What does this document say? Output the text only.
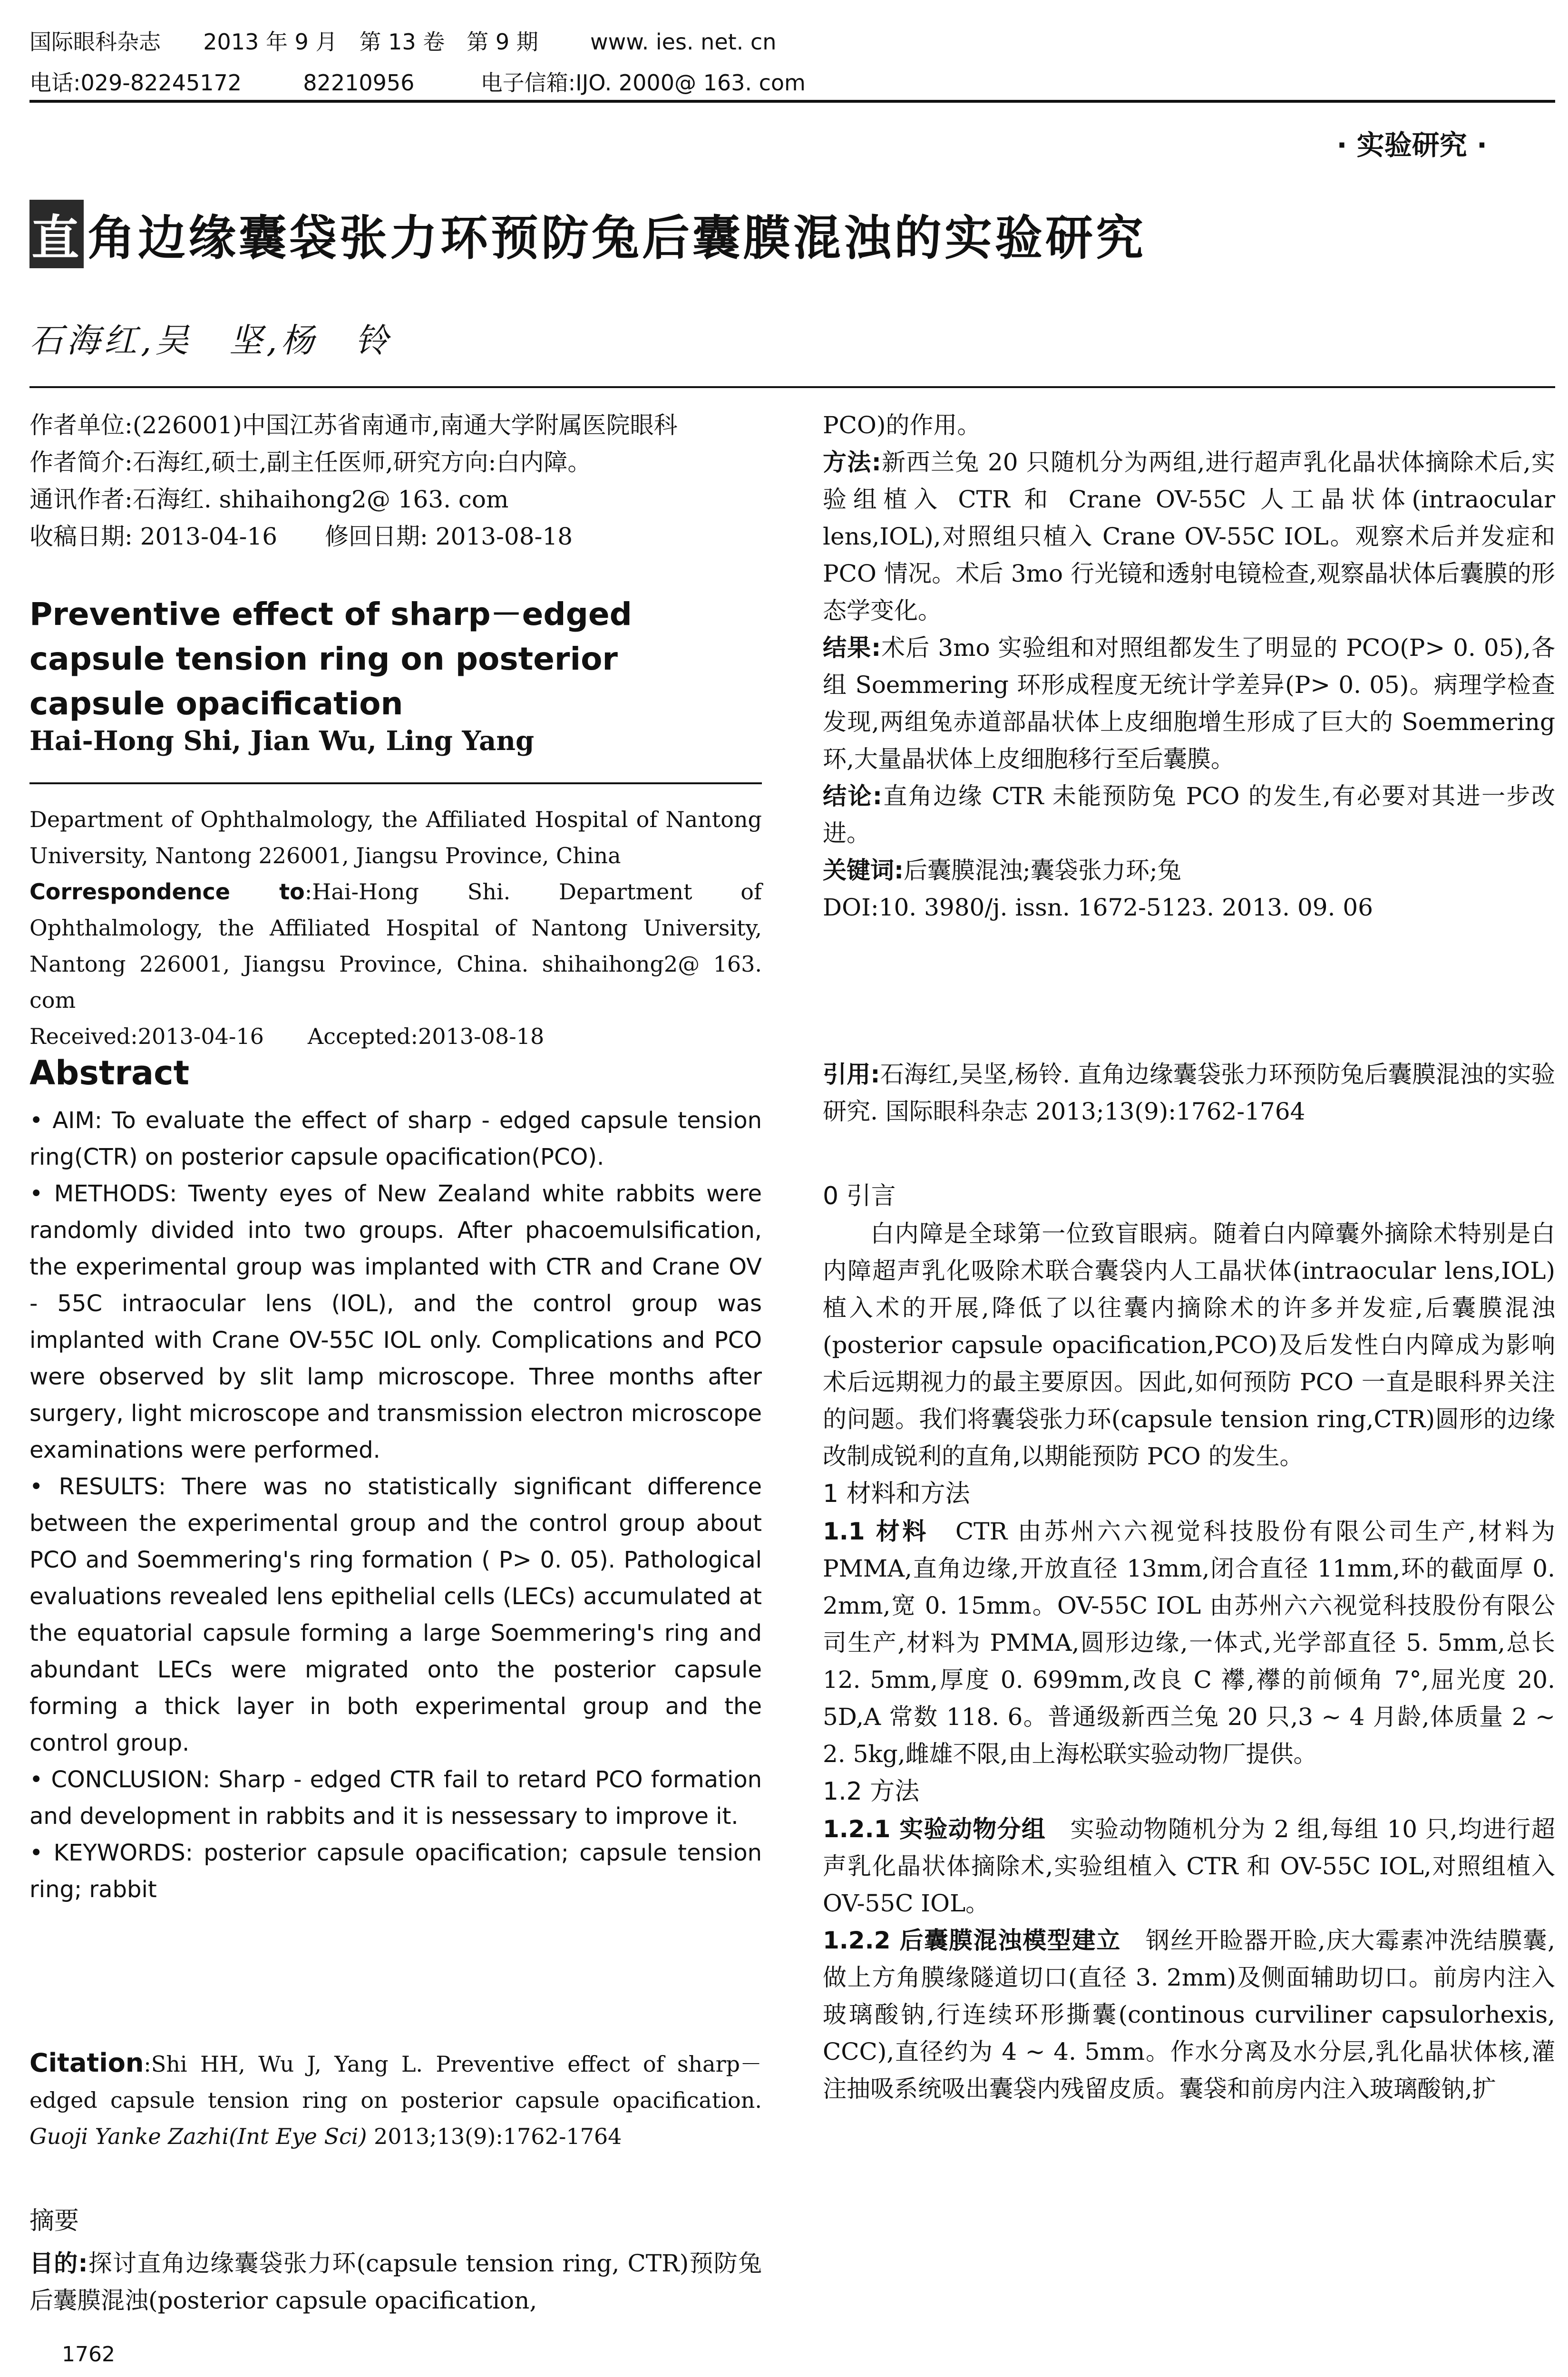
国际眼科杂志 2013 年 9 月　第 13 卷　第 9 期 www. ies. net. cn
电话:029-82245172	82210956	电子信箱:IJO. 2000@ 163. com
· 实验研究 ·
直 角边缘囊袋张力环预防兔后囊膜混浊的实验研究
石海红,吴　坚,杨　铃

作者单位:(226001)中国江苏省南通市,南通大学附属医院眼科

作者简介:石海红,硕士,副主任医师,研究方向:白内障。

通讯作者:石海红. shihaihong2@ 163. com

收稿日期: 2013-04-16　　修回日期: 2013-08-18

Preventive effect of sharp－edged capsule tension ring on posterior capsule opacification
Hai-Hong Shi, Jian Wu, Ling Yang

Department of Ophthalmology, the Affiliated Hospital of Nantong University, Nantong 226001, Jiangsu Province, China

Correspondence to:Hai-Hong Shi. Department of Ophthalmology, the Affiliated Hospital of Nantong University, Nantong 226001, Jiangsu Province, China. shihaihong2@ 163. com

Received:2013-04-16　　Accepted:2013-08-18

Abstract

• AIM: To evaluate the effect of sharp - edged capsule tension ring(CTR) on posterior capsule opacification(PCO).

• METHODS: Twenty eyes of New Zealand white rabbits were randomly divided into two groups. After phacoemulsification, the experimental group was implanted with CTR and Crane OV - 55C intraocular lens (IOL), and the control group was implanted with Crane OV-55C IOL only. Complications and PCO were observed by slit lamp microscope. Three months after surgery, light microscope and transmission electron microscope examinations were performed.

• RESULTS: There was no statistically significant difference between the experimental group and the control group about PCO and Soemmering's ring formation ( P> 0. 05). Pathological evaluations revealed lens epithelial cells (LECs) accumulated at the equatorial capsule forming a large Soemmering's ring and abundant LECs were migrated onto the posterior capsule forming a thick layer in both experimental group and the control group.

• CONCLUSION: Sharp - edged CTR fail to retard PCO formation and development in rabbits and it is nessessary to improve it.

• KEYWORDS: posterior capsule opacification; capsule tension ring; rabbit

Citation:Shi HH, Wu J, Yang L. Preventive effect of sharp－edged capsule tension ring on posterior capsule opacification. Guoji Yanke Zazhi(Int Eye Sci) 2013;13(9):1762-1764

摘要

目的:探讨直角边缘囊袋张力环(capsule tension ring, CTR)预防兔后囊膜混浊(posterior capsule opacification,

1762

PCO)的作用。

方法:新西兰兔 20 只随机分为两组,进行超声乳化晶状体摘除术后,实验组植入 CTR 和 Crane OV-55C 人工晶状体(intraocular lens,IOL),对照组只植入 Crane OV-55C IOL。观察术后并发症和 PCO 情况。术后 3mo 行光镜和透射电镜检查,观察晶状体后囊膜的形态学变化。

结果:术后 3mo 实验组和对照组都发生了明显的 PCO(P> 0. 05),各组 Soemmering 环形成程度无统计学差异(P> 0. 05)。病理学检查发现,两组兔赤道部晶状体上皮细胞增生形成了巨大的 Soemmering 环,大量晶状体上皮细胞移行至后囊膜。

结论:直角边缘 CTR 未能预防兔 PCO 的发生,有必要对其进一步改进。

关键词:后囊膜混浊;囊袋张力环;兔

DOI:10. 3980/j. issn. 1672-5123. 2013. 09. 06

引用:石海红,吴坚,杨铃. 直角边缘囊袋张力环预防兔后囊膜混浊的实验研究. 国际眼科杂志 2013;13(9):1762-1764

0 引言

白内障是全球第一位致盲眼病。随着白内障囊外摘除术特别是白内障超声乳化吸除术联合囊袋内人工晶状体(intraocular lens,IOL)植入术的开展,降低了以往囊内摘除术的许多并发症,后囊膜混浊(posterior capsule opacification,PCO)及后发性白内障成为影响术后远期视力的最主要原因。因此,如何预防 PCO 一直是眼科界关注的问题。我们将囊袋张力环(capsule tension ring,CTR)圆形的边缘改制成锐利的直角,以期能预防 PCO 的发生。

1 材料和方法

1.1 材料　 CTR 由苏州六六视觉科技股份有限公司生产,材料为 PMMA,直角边缘,开放直径 13mm,闭合直径 11mm,环的截面厚 0. 2mm,宽 0. 15mm。OV-55C IOL 由苏州六六视觉科技股份有限公司生产,材料为 PMMA,圆形边缘,一体式,光学部直径 5. 5mm,总长 12. 5mm,厚度 0. 699mm,改良 C 襻,襻的前倾角 7°,屈光度 20. 5D,A 常数 118. 6。普通级新西兰兔 20 只,3 ~ 4 月龄,体质量 2 ~ 2. 5kg,雌雄不限,由上海松联实验动物厂提供。

1.2 方法

1.2.1 实验动物分组　 实验动物随机分为 2 组,每组 10 只,均进行超声乳化晶状体摘除术,实验组植入 CTR 和 OV-55C IOL,对照组植入 OV-55C IOL。

1.2.2 后囊膜混浊模型建立　 钢丝开睑器开睑,庆大霉素冲洗结膜囊,做上方角膜缘隧道切口(直径 3. 2mm)及侧面辅助切口。前房内注入玻璃酸钠,行连续环形撕囊(continous curviliner capsulorhexis, CCC),直径约为 4 ~ 4. 5mm。作水分离及水分层,乳化晶状体核,灌注抽吸系统吸出囊袋内残留皮质。囊袋和前房内注入玻璃酸钠,扩
